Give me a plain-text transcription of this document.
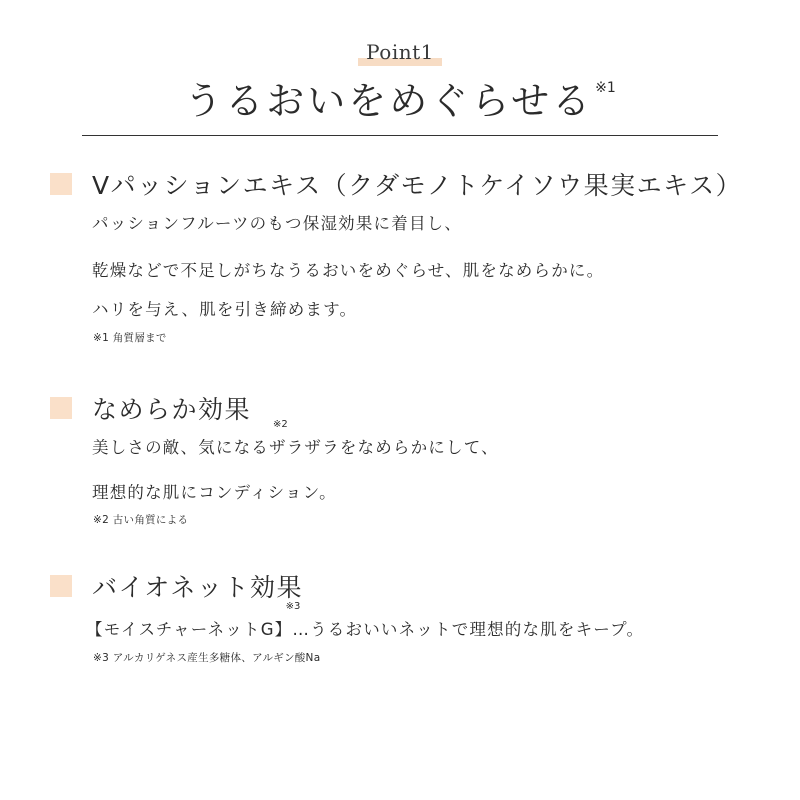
Point1
うるおいをめぐらせる $^{※1}$
Vパッションエキス（クダモノトケイソウ果実エキス）
パッションフルーツのもつ保湿効果に着目し、
乾燥などで不足しがちなうるおいをめぐらせ、肌をなめらかに。
ハリを与え、肌を引き締めます。
※1 角質層まで
なめらか効果
美しさの敵、気になる
※2
ザラザラをなめらかにして、
理想的な肌にコンディション。
※2 古い角質による
バイオネット効果
※3
【モイスチャーネットG】…うるおいいネットで理想的な肌をキープ。
※3 アルカリゲネス産生多糖体、アルギン酸Na
